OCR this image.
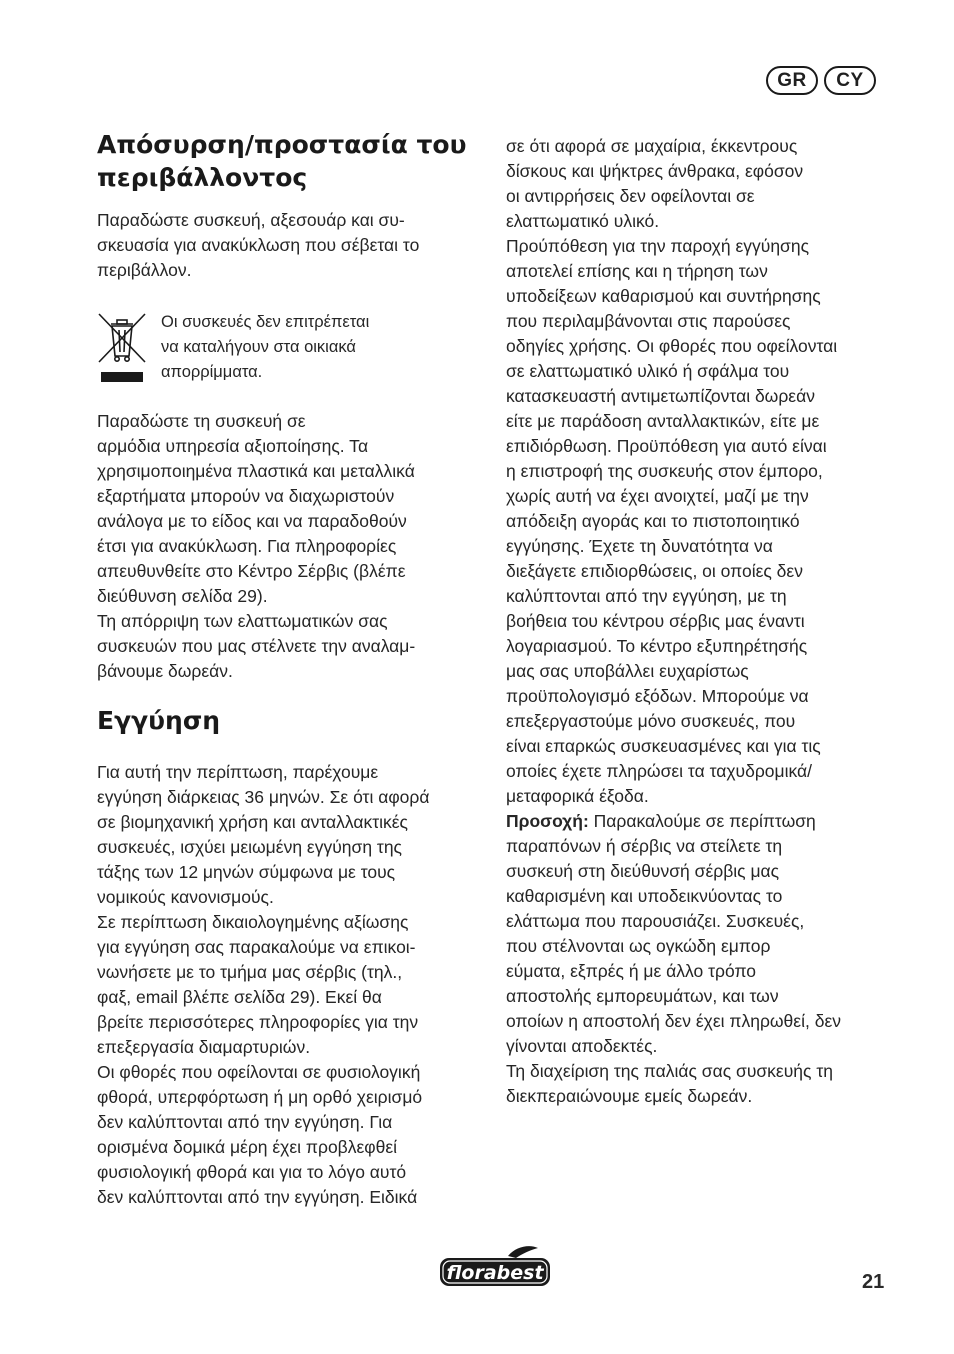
GR	CY
Απόσυρση/προστασία του
περιβάλλοντος

Παραδώστε συσκευή, αξεσουάρ και συ-
σκευασία για ανακύκλωση που σέβεται το
περιβάλλον.

Οι συσκευές δεν επιτρέπεται
να καταλήγουν στα οικιακά
απορρίμματα.

Παραδώστε τη συσκευή σε
αρμόδια υπηρεσία αξιοποίησης. Τα
χρησιμοποιημένα πλαστικά και μεταλλικά
εξαρτήματα μπορούν να διαχωριστούν
ανάλογα με το είδος και να παραδοθούν
έτσι για ανακύκλωση. Για πληροφορίες
απευθυνθείτε στο Κέντρο Σέρβις (βλέπε
διεύθυνση σελίδα 29).
Τη απόρριψη των ελαττωματικών σας
συσκευών που μας στέλνετε την αναλαμ-
βάνουμε δωρεάν.

Εγγύηση

Για αυτή την περίπτωση, παρέχουμε
εγγύηση διάρκειας 36 μηνών. Σε ότι αφορά
σε βιομηχανική χρήση και ανταλλακτικές
συσκευές, ισχύει μειωμένη εγγύηση της
τάξης των 12 μηνών σύμφωνα με τους
νομικούς κανονισμούς.
Σε περίπτωση δικαιολογημένης αξίωσης
για εγγύηση σας παρακαλούμε να επικοι-
νωνήσετε με το τμήμα μας σέρβις (τηλ.,
φαξ, email βλέπε σελίδα 29). Εκεί θα
βρείτε περισσότερες πληροφορίες για την
επεξεργασία διαμαρτυριών.
Οι φθορές που οφείλονται σε φυσιολογική
φθορά, υπερφόρτωση ή μη ορθό χειρισμό
δεν καλύπτονται από την εγγύηση. Για
ορισμένα δομικά μέρη έχει προβλεφθεί
φυσιολογική φθορά και για το λόγο αυτό
δεν καλύπτονται από την εγγύηση. Ειδικά

σε ότι αφορά σε μαχαίρια, έκκεντρους
δίσκους και ψήκτρες άνθρακα, εφόσον
οι αντιρρήσεις δεν οφείλονται σε
ελαττωματικό υλικό.
Προύπόθεση για την παροχή εγγύησης
αποτελεί επίσης και η τήρηση των
υποδείξεων καθαρισμού και συντήρησης
που περιλαμβάνονται στις παρούσες
οδηγίες χρήσης. Οι φθορές που οφείλονται
σε ελαττωματικό υλικό ή σφάλμα του
κατασκευαστή αντιμετωπίζονται δωρεάν
είτε με παράδοση ανταλλακτικών, είτε με
επιδιόρθωση. Προϋπόθεση για αυτό είναι
η επιστροφή της συσκευής στον έμπορο,
χωρίς αυτή να έχει ανοιχτεί, μαζί με την
απόδειξη αγοράς και το πιστοποιητικό
εγγύησης. Έχετε τη δυνατότητα να
διεξάγετε επιδιορθώσεις, οι οποίες δεν
καλύπτονται από την εγγύηση, με τη
βοήθεια του κέντρου σέρβις μας έναντι
λογαριασμού. Το κέντρο εξυπηρέτησής
μας σας υποβάλλει ευχαρίστως
προϋπολογισμό εξόδων. Μπορούμε να
επεξεργαστούμε μόνο συσκευές, που
είναι επαρκώς συσκευασμένες και για τις
οποίες έχετε πληρώσει τα ταχυδρομικά/
μεταφορικά έξοδα.

Προσοχή: Παρακαλούμε σε περίπτωση

παραπόνων ή σέρβις να στείλετε τη
συσκευή στη διεύθυνσή σέρβις μας
καθαρισμένη και υποδεικνύοντας το
ελάττωμα που παρουσιάζει. Συσκευές,
που στέλνονται ως ογκώδη εμπορ
εύματα, εξπρές ή με άλλο τρόπο
αποστολής εμπορευμάτων, και των
οποίων η αποστολή δεν έχει πληρωθεί, δεν
γίνονται αποδεκτές.
Τη διαχείριση της παλιάς σας συσκευής τη
διεκπεραιώνουμε εμείς δωρεάν.

florabest	21
